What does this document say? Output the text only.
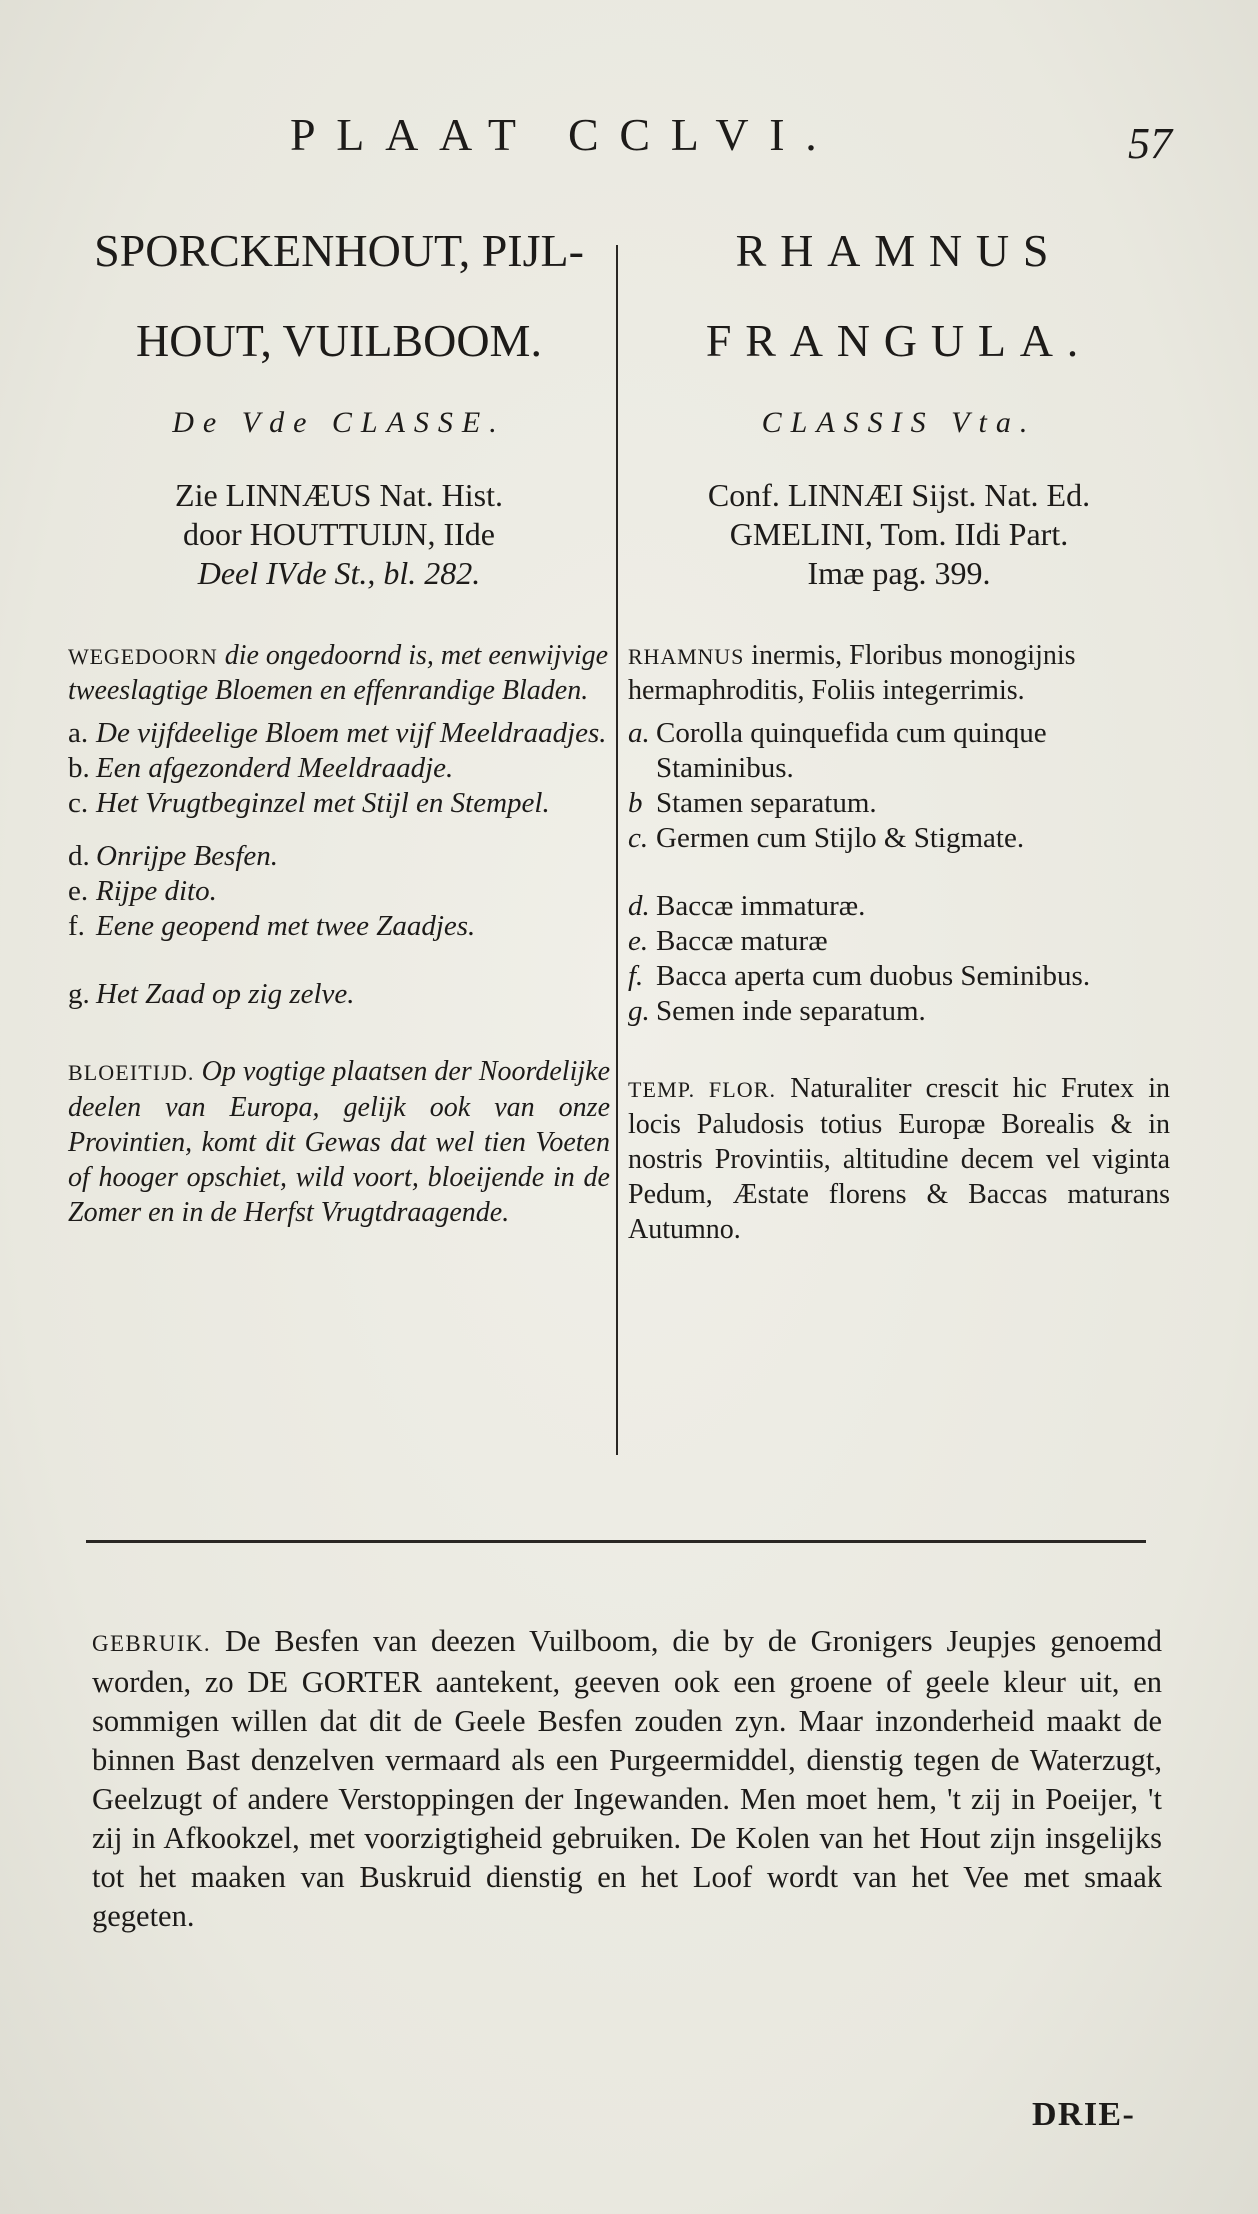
PLAAT CCLVI.	57
SPORCKENHOUT, PIJL-
HOUT, VUILBOOM.
De Vde CLASSE.
Zie LINNÆUS Nat. Hist.
door HOUTTUIJN, IIde
Deel IVde St., bl. 282.
WEGEDOORN die ongedoornd is, met eenwijvige tweeslagtige Bloemen en effenrandige Bladen.
a. De vijfdeelige Bloem met vijf Meeldraadjes.
b. Een afgezonderd Meeldraadje.
c. Het Vrugtbeginzel met Stijl en Stempel.
d. Onrijpe Besfen.
e. Rijpe dito.
f. Eene geopend met twee Zaadjes.
g. Het Zaad op zig zelve.
BLOEITIJD. Op vogtige plaatsen der Noordelijke deelen van Europa, gelijk ook van onze Provintien, komt dit Gewas dat wel tien Voeten of hooger opschiet, wild voort, bloeijende in de Zomer en in de Herfst Vrugtdraagende.
RHAMNUS
FRANGULA.
CLASSIS Vta.
Conf. LINNÆI Sijst. Nat. Ed.
GMELINI, Tom. IIdi Part.
Imæ pag. 399.
RHAMNUS inermis, Floribus monogijnis hermaphroditis, Foliis integerrimis.
a. Corolla quinquefida cum quinque Staminibus.
b Stamen separatum.
c. Germen cum Stijlo & Stigmate.
d. Baccæ immaturæ.
e. Baccæ maturæ
f. Bacca aperta cum duobus Seminibus.
g. Semen inde separatum.
TEMP. FLOR. Naturaliter crescit hic Frutex in locis Paludosis totius Europæ Borealis & in nostris Provintiis, altitudine decem vel viginta Pedum, Æstate florens & Baccas maturans Autumno.
GEBRUIK. De Besfen van deezen Vuilboom, die by de Gronigers Jeupjes genoemd worden, zo DE GORTER aantekent, geeven ook een groene of geele kleur uit, en sommigen willen dat dit de Geele Besfen zouden zyn. Maar inzonderheid maakt de binnen Bast denzelven vermaard als een Purgeermiddel, dienstig tegen de Waterzugt, Geelzugt of andere Verstoppingen der Ingewanden. Men moet hem, 't zij in Poeijer, 't zij in Afkookzel, met voorzigtigheid gebruiken. De Kolen van het Hout zijn insgelijks tot het maaken van Buskruid dienstig en het Loof wordt van het Vee met smaak gegeten.
DRIE-
